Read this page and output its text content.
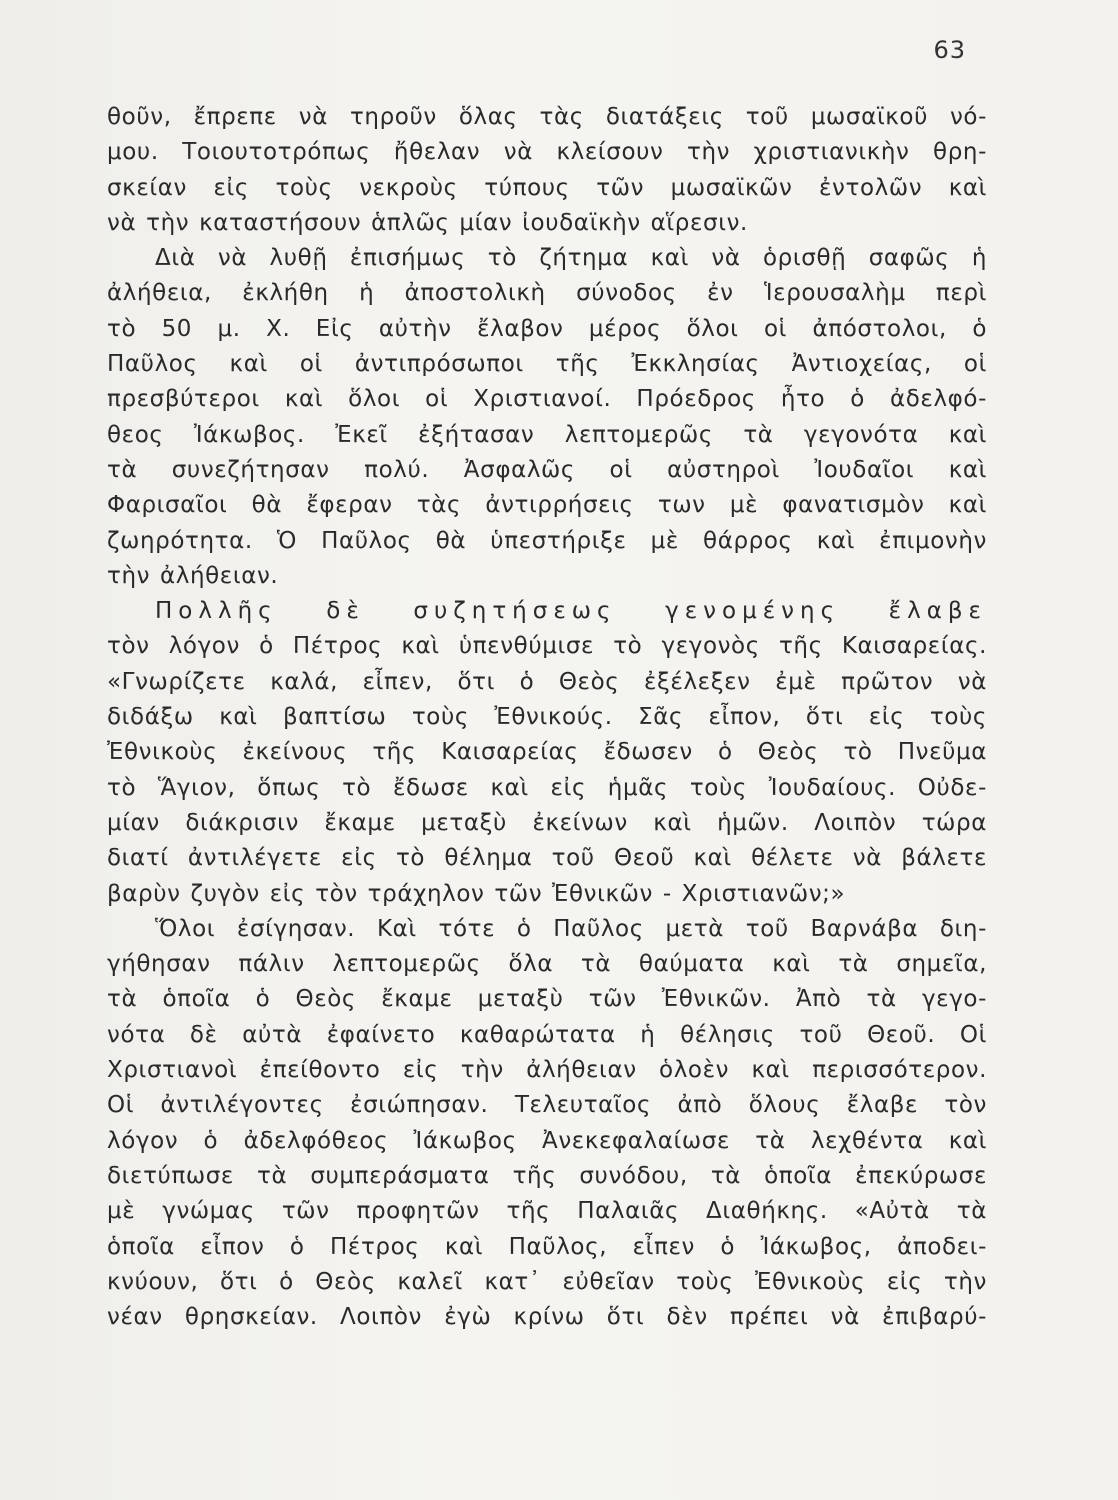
63
θοῦν, ἔπρεπε νὰ τηροῦν ὅλας τὰς διατάξεις τοῦ μωσαϊκοῦ νό-
μου. Τοιουτοτρόπως ἤθελαν νὰ κλείσουν τὴν χριστιανικὴν θρη-
σκείαν εἰς τοὺς νεκροὺς τύπους τῶν μωσαϊκῶν ἐντολῶν καὶ
νὰ τὴν καταστήσουν ἁπλῶς μίαν ἰουδαϊκὴν αἵρεσιν.
Διὰ νὰ λυθῇ ἐπισήμως τὸ ζήτημα καὶ νὰ ὁρισθῇ σαφῶς ἡ
ἀλήθεια, ἐκλήθη ἡ ἀποστολικὴ σύνοδος ἐν Ἱερουσαλὴμ περὶ
τὸ 50 μ. Χ. Εἰς αὐτὴν ἔλαβον μέρος ὅλοι οἱ ἀπόστολοι, ὁ
Παῦλος καὶ οἱ ἀντιπρόσωποι τῆς Ἐκκλησίας Ἀντιοχείας, οἱ
πρεσβύτεροι καὶ ὅλοι οἱ Χριστιανοί. Πρόεδρος ἦτο ὁ ἀδελφό-
θεος Ἰάκωβος. Ἐκεῖ ἐξήτασαν λεπτομερῶς τὰ γεγονότα καὶ
τὰ συνεζήτησαν πολύ. Ἀσφαλῶς οἱ αὐστηροὶ Ἰουδαῖοι καὶ
Φαρισαῖοι θὰ ἔφεραν τὰς ἀντιρρήσεις των μὲ φανατισμὸν καὶ
ζωηρότητα. Ὁ Παῦλος θὰ ὑπεστήριξε μὲ θάρρος καὶ ἐπιμονὴν
τὴν ἀλήθειαν.
Πολλῆς δὲ συζητήσεως γενομένης ἔλαβε
τὸν λόγον ὁ Πέτρος καὶ ὑπενθύμισε τὸ γεγονὸς τῆς Καισαρείας.
«Γνωρίζετε καλά, εἶπεν, ὅτι ὁ Θεὸς ἐξέλεξεν ἐμὲ πρῶτον νὰ
διδάξω καὶ βαπτίσω τοὺς Ἐθνικούς. Σᾶς εἶπον, ὅτι εἰς τοὺς
Ἐθνικοὺς ἐκείνους τῆς Καισαρείας ἔδωσεν ὁ Θεὸς τὸ Πνεῦμα
τὸ Ἅγιον, ὅπως τὸ ἔδωσε καὶ εἰς ἡμᾶς τοὺς Ἰουδαίους. Οὐδε-
μίαν διάκρισιν ἔκαμε μεταξὺ ἐκείνων καὶ ἡμῶν. Λοιπὸν τώρα
διατί ἀντιλέγετε εἰς τὸ θέλημα τοῦ Θεοῦ καὶ θέλετε νὰ βάλετε
βαρὺν ζυγὸν εἰς τὸν τράχηλον τῶν Ἐθνικῶν - Χριστιανῶν;»
Ὅλοι ἐσίγησαν. Καὶ τότε ὁ Παῦλος μετὰ τοῦ Βαρνάβα διη-
γήθησαν πάλιν λεπτομερῶς ὅλα τὰ θαύματα καὶ τὰ σημεῖα,
τὰ ὁποῖα ὁ Θεὸς ἔκαμε μεταξὺ τῶν Ἐθνικῶν. Ἀπὸ τὰ γεγο-
νότα δὲ αὐτὰ ἐφαίνετο καθαρώτατα ἡ θέλησις τοῦ Θεοῦ. Οἱ
Χριστιανοὶ ἐπείθοντο εἰς τὴν ἀλήθειαν ὁλοὲν καὶ περισσότερον.
Οἱ ἀντιλέγοντες ἐσιώπησαν. Τελευταῖος ἀπὸ ὅλους ἔλαβε τὸν
λόγον ὁ ἀδελφόθεος Ἰάκωβος Ἀνεκεφαλαίωσε τὰ λεχθέντα καὶ
διετύπωσε τὰ συμπεράσματα τῆς συνόδου, τὰ ὁποῖα ἐπεκύρωσε
μὲ γνώμας τῶν προφητῶν τῆς Παλαιᾶς Διαθήκης. «Αὐτὰ τὰ
ὁποῖα εἶπον ὁ Πέτρος καὶ Παῦλος, εἶπεν ὁ Ἰάκωβος, ἀποδει-
κνύουν, ὅτι ὁ Θεὸς καλεῖ κατ᾿ εὐθεῖαν τοὺς Ἐθνικοὺς εἰς τὴν
νέαν θρησκείαν. Λοιπὸν ἐγὼ κρίνω ὅτι δὲν πρέπει νὰ ἐπιβαρύ-
